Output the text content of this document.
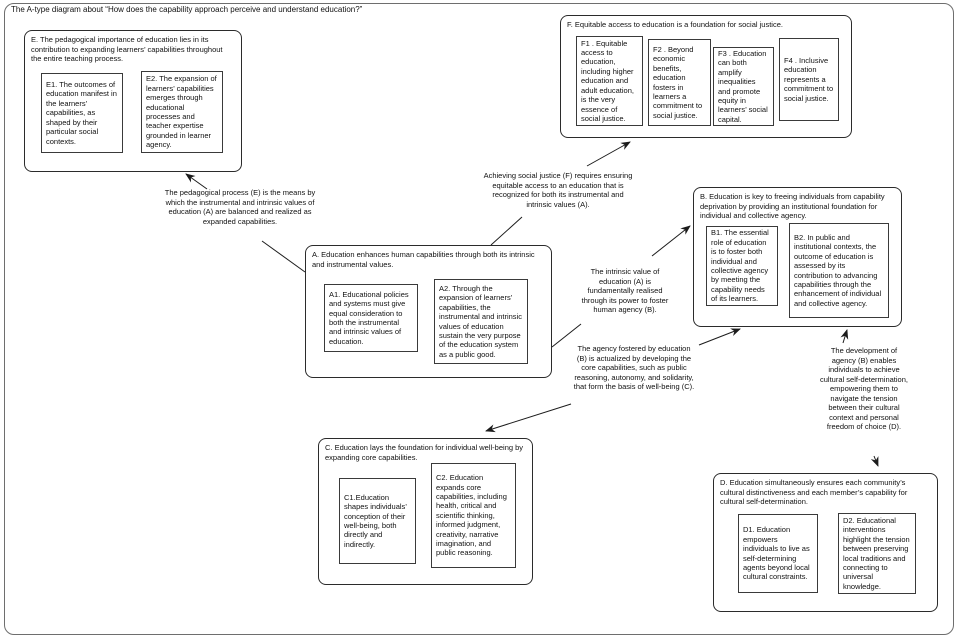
The A-type diagram about “How does the capability approach perceive and understand education?”
E. The pedagogical importance of education lies in its contribution to expanding learners’ capabilities throughout the entire teaching process.
E1. The outcomes of education manifest in the learners’ capabilities, as shaped by their particular social contexts.
E2. The expansion of learners’ capabilities emerges through educational processes and teacher expertise grounded in learner agency.
F. Equitable access to education is a foundation for social justice.
F1 . Equitable access to education, including higher education and adult education, is the very essence of social justice.
F2 . Beyond economic benefits, education fosters in learners a commitment to social justice.
F3 . Education can both amplify inequalities and promote equity in learners’ social capital.
F4 . Inclusive education represents a commitment to social justice.
A. Education enhances human capabilities through both its intrinsic and instrumental values.
A1. Educational policies and systems must give equal consideration to both the instrumental and intrinsic values of education.
A2. Through the expansion of learners’ capabilities, the instrumental and intrinsic values of education sustain the very purpose of the education system as a public good.
B. Education is key to freeing individuals from capability deprivation by providing an institutional foundation for individual and collective agency.
B1. The essential role of education is to foster both individual and collective agency by meeting the capability needs of its learners.
B2. In public and institutional contexts, the outcome of education is assessed by its contribution to advancing capabilities through the enhancement of individual and collective agency.
C. Education lays the foundation for individual well-being by expanding core capabilities.
C1.Education shapes individuals’ conception of their well-being, both directly and indirectly.
C2. Education expands core capabilities, including health, critical and scientific thinking, informed judgment, creativity, narrative imagination, and public reasoning.
D. Education simultaneously ensures each community’s cultural distinctiveness and each member’s capability for cultural self-determination.
D1. Education empowers individuals to live as self-determining agents beyond local cultural constraints.
D2. Educational interventions highlight the tension between preserving local traditions and connecting to universal knowledge.
The pedagogical process (E) is the means by which the instrumental and intrinsic values of education (A) are balanced and realized as expanded capabilities.
Achieving social justice (F) requires ensuring equitable access to an education that is recognized for both its instrumental and intrinsic values (A).
The intrinsic value of education (A) is fundamentally realised through its power to foster human agency (B).
The agency fostered by education (B) is actualized by developing the core capabilities, such as public reasoning, autonomy, and solidarity, that form the basis of well-being (C).
The development of agency (B) enables individuals to achieve cultural self-determination, empowering them to navigate the tension between their cultural context and personal freedom of choice (D).
